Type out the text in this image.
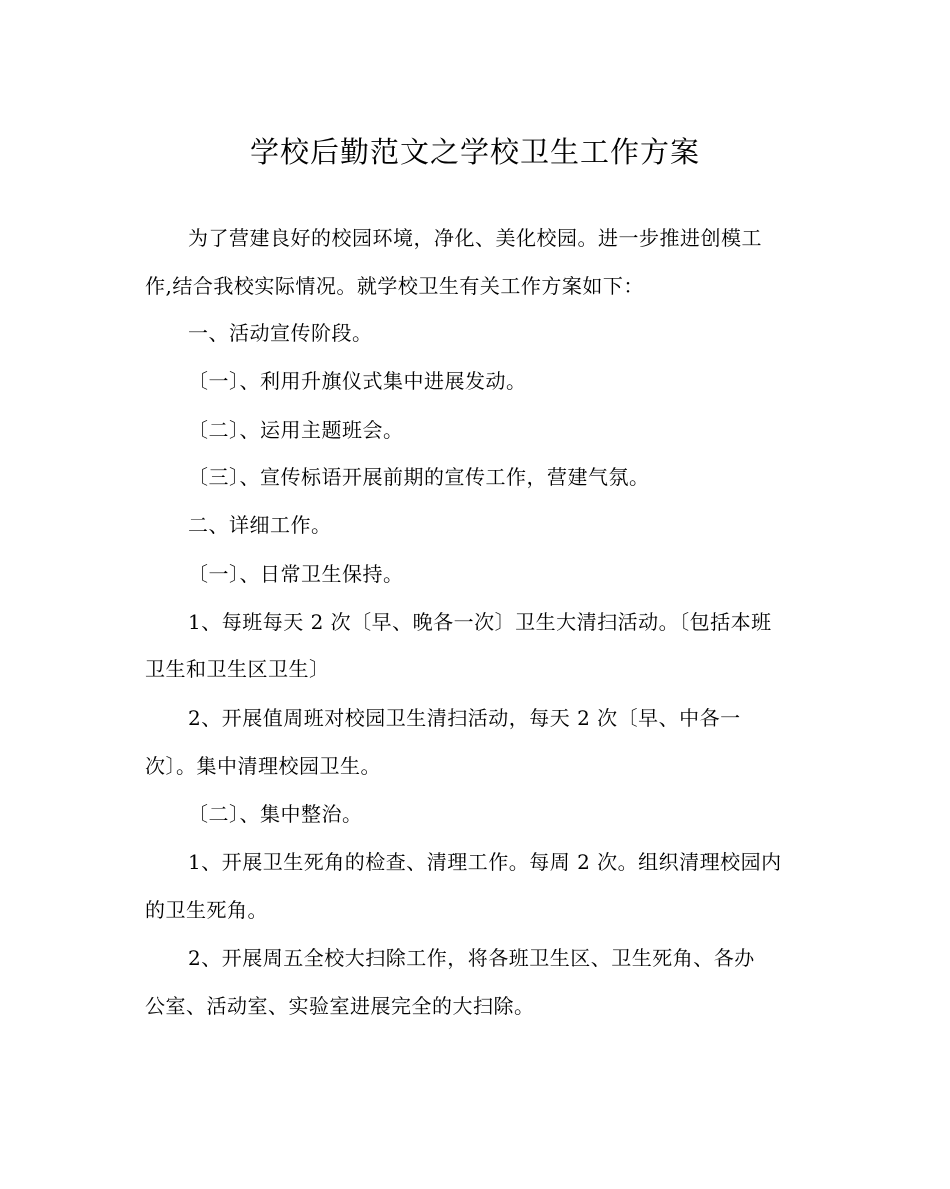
学校后勤范文之学校卫生工作方案
为了营建良好的校园环境，净化、美化校园。进一步推进创模工
作,结合我校实际情况。就学校卫生有关工作方案如下：
一、活动宣传阶段。
〔一〕、利用升旗仪式集中进展发动。
〔二〕、运用主题班会。
〔三〕、宣传标语开展前期的宣传工作，营建气氛。
二、详细工作。
〔一〕、日常卫生保持。
1、每班每天 2 次〔早、晚各一次〕卫生大清扫活动。〔包括本班
卫生和卫生区卫生〕
2、开展值周班对校园卫生清扫活动，每天 2 次〔早、中各一
次〕。集中清理校园卫生。
〔二〕、集中整治。
1、开展卫生死角的检查、清理工作。每周 2 次。组织清理校园内
的卫生死角。
2、开展周五全校大扫除工作，将各班卫生区、卫生死角、各办
公室、活动室、实验室进展完全的大扫除。
